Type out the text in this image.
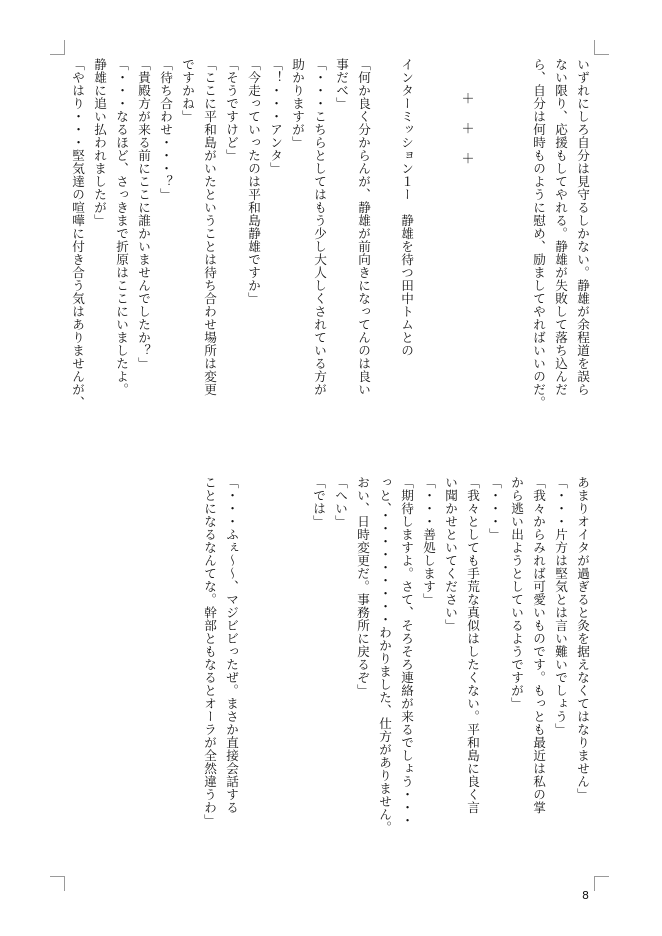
いずれにしろ自分は見守るしかない。静雄が余程道を誤ら
ない限り、応援もしてやれる。静雄が失敗して落ち込んだ
ら、自分は何時ものように慰め、励ましてやればいいのだ。
＋
＋
＋
インターミッション１ー　静雄を待つ田中トムとの
「何か良く分からんが、静雄が前向きになってんのは良い
事だべ」
「・・・こちらとしてはもう少し大人しくされている方が
助かりますが」
「！・・・アンタ」
「今走っていったのは平和島静雄ですか」
「そうですけど」
「ここに平和島がいたということは待ち合わせ場所は変更
ですかね」
「待ち合わせ・・・？」
「貴殿方が来る前にここに誰かいませんでしたか？」
「・・・なるほど、さっきまで折原はここにいましたよ。
静雄に追い払われましたが」
「やはり・・・堅気達の喧嘩に付き合う気はありませんが、
あまりオイタが過ぎると灸を据えなくてはなりません」
「・・・片方は堅気とは言い難いでしょう」
「我々からみれば可愛いものです。もっとも最近は私の掌
から逃い出ようとしているようですが」
「・・・」
「我々としても手荒な真似はしたくない。平和島に良く言
い聞かせといてください」
「・・・善処します」
「期待しますよ。さて、そろそろ連絡が来るでしょう・・・
っと、・・・・・・・・・わかりました、仕方がありません。
おい、日時変更だ。事務所に戻るぞ」
「へい」
「では」
「・・・ふぇ〜〜、マジビビったぜ。まさか直接会話する
ことになるなんてな。幹部ともなるとオーラが全然違うわ」
8
